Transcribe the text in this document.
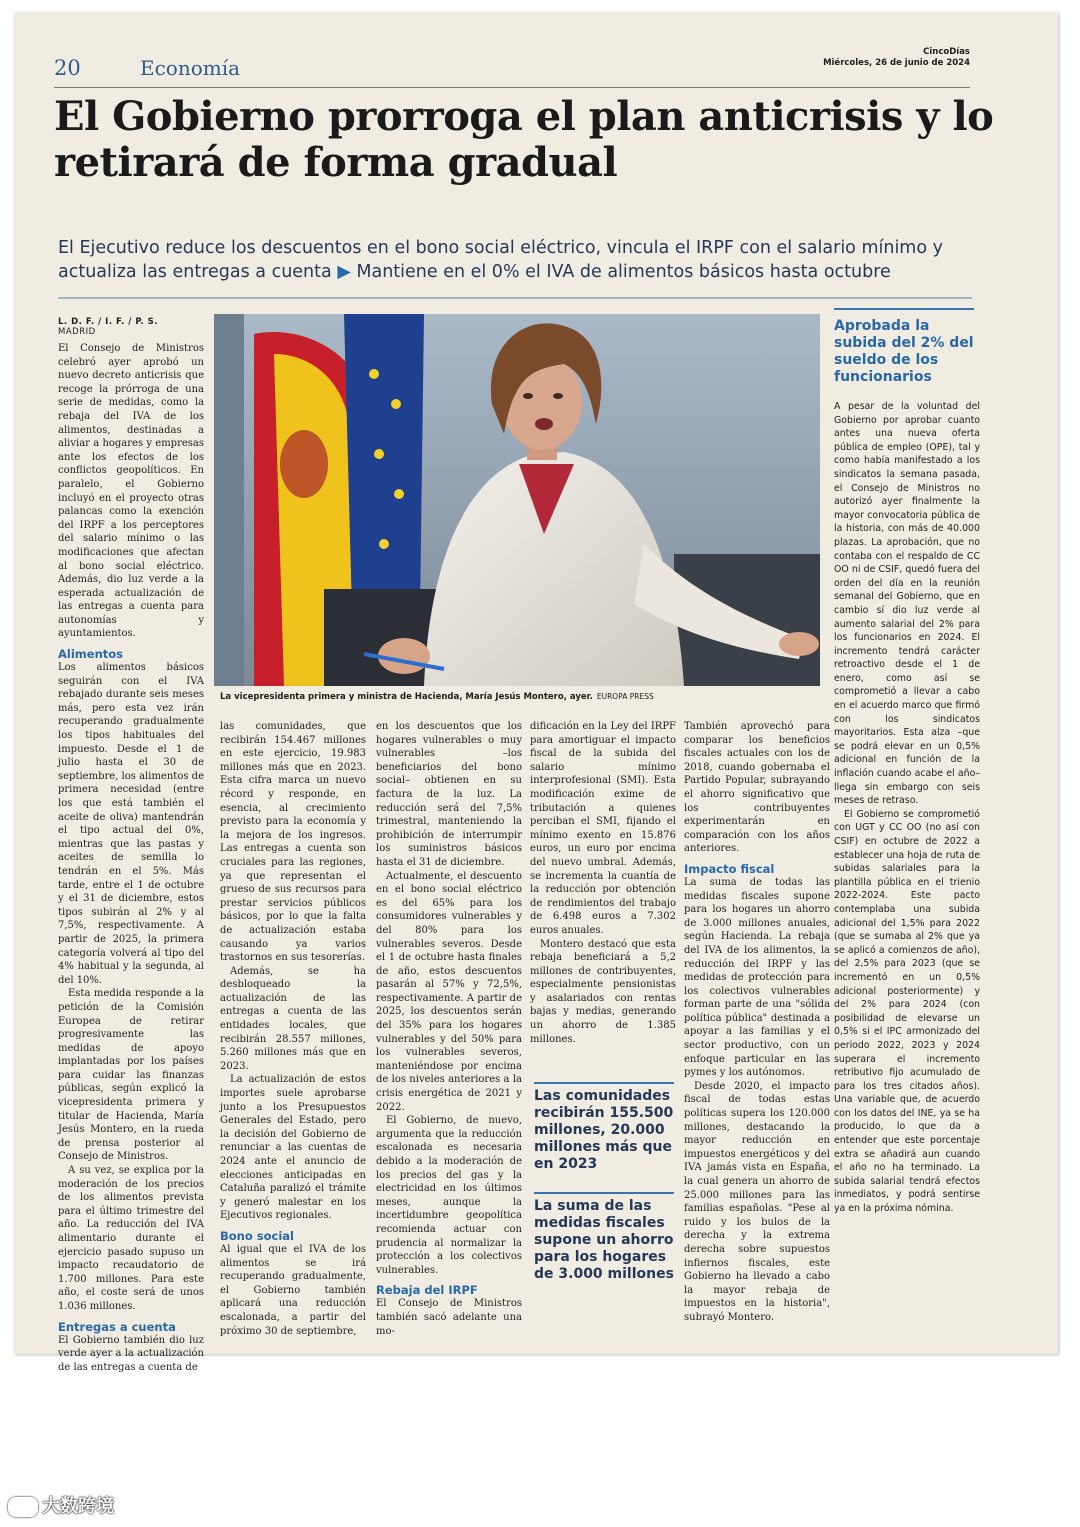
20	Economía
CincoDías
Miércoles, 26 de junio de 2024

El Gobierno prorroga el plan anticrisis y lo retirará de forma gradual
El Ejecutivo reduce los descuentos en el bono social eléctrico, vincula el IRPF con el salario mínimo y actualiza las entregas a cuenta ▶ Mantiene en el 0% el IVA de alimentos básicos hasta octubre
L. D. F. / I. F. / P. S.
MADRID

El Consejo de Ministros celebró ayer aprobó un nuevo decreto anticrisis que recoge la prórroga de una serie de medidas, como la rebaja del IVA de los alimentos, destinadas a aliviar a hogares y empresas ante los efectos de los conflictos geopolíticos. En paralelo, el Gobierno incluyó en el proyecto otras palancas como la exención del IRPF a los perceptores del salario mínimo o las modificaciones que afectan al bono social eléctrico. Además, dio luz verde a la esperada actualización de las entregas a cuenta para autonomías y ayuntamientos.

Alimentos

Los alimentos básicos seguirán con el IVA rebajado durante seis meses más, pero esta vez irán recuperando gradualmente los tipos habituales del impuesto. Desde el 1 de julio hasta el 30 de septiembre, los alimentos de primera necesidad (entre los que está también el aceite de oliva) mantendrán el tipo actual del 0%, mientras que las pastas y aceites de semilla lo tendrán en el 5%. Más tarde, entre el 1 de octubre y el 31 de diciembre, estos tipos subirán al 2% y al 7,5%, respectivamente. A partir de 2025, la primera categoría volverá al tipo del 4% habitual y la segunda, al del 10%.

Esta medida responde a la petición de la Comisión Europea de retirar progresivamente las medidas de apoyo implantadas por los países para cuidar las finanzas públicas, según explicó la vicepresidenta primera y titular de Hacienda, María Jesús Montero, en la rueda de prensa posterior al Consejo de Ministros.

A su vez, se explica por la moderación de los precios de los alimentos prevista para el último trimestre del año. La reducción del IVA alimentario durante el ejercicio pasado supuso un impacto recaudatorio de 1.700 millones. Para este año, el coste será de unos 1.036 millones.

Entregas a cuenta

El Gobierno también dio luz verde ayer a la actualización de las entregas a cuenta de

La vicepresidenta primera y ministra de Hacienda, María Jesús Montero, ayer. EUROPA PRESS

las comunidades, que recibirán 154.467 millones en este ejercicio, 19.983 millones más que en 2023. Esta cifra marca un nuevo récord y responde, en esencia, al crecimiento previsto para la economía y la mejora de los ingresos. Las entregas a cuenta son cruciales para las regiones, ya que representan el grueso de sus recursos para prestar servicios públicos básicos, por lo que la falta de actualización estaba causando ya varios trastornos en sus tesorerías.

Además, se ha desbloqueado la actualización de las entregas a cuenta de las entidades locales, que recibirán 28.557 millones, 5.260 millones más que en 2023.

La actualización de estos importes suele aprobarse junto a los Presupuestos Generales del Estado, pero la decisión del Gobierno de renunciar a las cuentas de 2024 ante el anuncio de elecciones anticipadas en Cataluña paralizó el trámite y generó malestar en los Ejecutivos regionales.

Bono social

Al igual que el IVA de los alimentos se irá recuperando gradualmente, el Gobierno también aplicará una reducción escalonada, a partir del próximo 30 de septiembre,

en los descuentos que los hogares vulnerables o muy vulnerables –los beneficiarios del bono social– obtienen en su factura de la luz. La reducción será del 7,5% trimestral, manteniendo la prohibición de interrumpir los suministros básicos hasta el 31 de diciembre.

Actualmente, el descuento en el bono social eléctrico es del 65% para los consumidores vulnerables y del 80% para los vulnerables severos. Desde el 1 de octubre hasta finales de año, estos descuentos pasarán al 57% y 72,5%, respectivamente. A partir de 2025, los descuentos serán del 35% para los hogares vulnerables y del 50% para los vulnerables severos, manteniéndose por encima de los niveles anteriores a la crisis energética de 2021 y 2022.

El Gobierno, de nuevo, argumenta que la reducción escalonada es necesaria debido a la moderación de los precios del gas y la electricidad en los últimos meses, aunque la incertidumbre geopolítica recomienda actuar con prudencia al normalizar la protección a los colectivos vulnerables.

Rebaja del IRPF

El Consejo de Ministros también sacó adelante una mo-

dificación en la Ley del IRPF para amortiguar el impacto fiscal de la subida del salario mínimo interprofesional (SMI). Esta modificación exime de tributación a quienes perciban el SMI, fijando el mínimo exento en 15.876 euros, un euro por encima del nuevo umbral. Además, se incrementa la cuantía de la reducción por obtención de rendimientos del trabajo de 6.498 euros a 7.302 euros anuales.

Montero destacó que esta rebaja beneficiará a 5,2 millones de contribuyentes, especialmente pensionistas y asalariados con rentas bajas y medias, generando un ahorro de 1.385 millones.

Las comunidades recibirán 155.500 millones, 20.000 millones más que en 2023
La suma de las medidas fiscales supone un ahorro para los hogares de 3.000 millones

También aprovechó para comparar los beneficios fiscales actuales con los de 2018, cuando gobernaba el Partido Popular, subrayando el ahorro significativo que los contribuyentes experimentarán en comparación con los años anteriores.

Impacto fiscal

La suma de todas las medidas fiscales supone para los hogares un ahorro de 3.000 millones anuales, según Hacienda. La rebaja del IVA de los alimentos, la reducción del IRPF y las medidas de protección para los colectivos vulnerables forman parte de una "sólida política pública" destinada a apoyar a las familias y el sector productivo, con un enfoque particular en las pymes y los autónomos.

Desde 2020, el impacto fiscal de todas estas políticas supera los 120.000 millones, destacando la mayor reducción en impuestos energéticos y del IVA jamás vista en España, la cual genera un ahorro de 25.000 millones para las familias españolas. "Pese al ruido y los bulos de la derecha y la extrema derecha sobre supuestos infiernos fiscales, este Gobierno ha llevado a cabo la mayor rebaja de impuestos en la historia", subrayó Montero.

Aprobada la subida del 2% del sueldo de los funcionarios

A pesar de la voluntad del Gobierno por aprobar cuanto antes una nueva oferta pública de empleo (OPE), tal y como había manifestado a los sindicatos la semana pasada, el Consejo de Ministros no autorizó ayer finalmente la mayor convocatoria pública de la historia, con más de 40.000 plazas. La aprobación, que no contaba con el respaldo de CC OO ni de CSIF, quedó fuera del orden del día en la reunión semanal del Gobierno, que en cambio sí dio luz verde al aumento salarial del 2% para los funcionarios en 2024. El incremento tendrá carácter retroactivo desde el 1 de enero, como así se comprometió a llevar a cabo en el acuerdo marco que firmó con los sindicatos mayoritarios. Esta alza –que se podrá elevar en un 0,5% adicional en función de la inflación cuando acabe el año– llega sin embargo con seis meses de retraso.

El Gobierno se comprometió con UGT y CC OO (no así con CSIF) en octubre de 2022 a establecer una hoja de ruta de subidas salariales para la plantilla pública en el trienio 2022-2024. Este pacto contemplaba una subida adicional del 1,5% para 2022 (que se sumaba al 2% que ya se aplicó a comienzos de año), del 2,5% para 2023 (que se incrementó en un 0,5% adicional posteriormente) y del 2% para 2024 (con posibilidad de elevarse un 0,5% si el IPC armonizado del periodo 2022, 2023 y 2024 superara el incremento retributivo fijo acumulado de para los tres citados años). Una variable que, de acuerdo con los datos del INE, ya se ha producido, lo que da a entender que este porcentaje extra se añadirá aun cuando el año no ha terminado. La subida salarial tendrá efectos inmediatos, y podrá sentirse ya en la próxima nómina.

大数跨境
